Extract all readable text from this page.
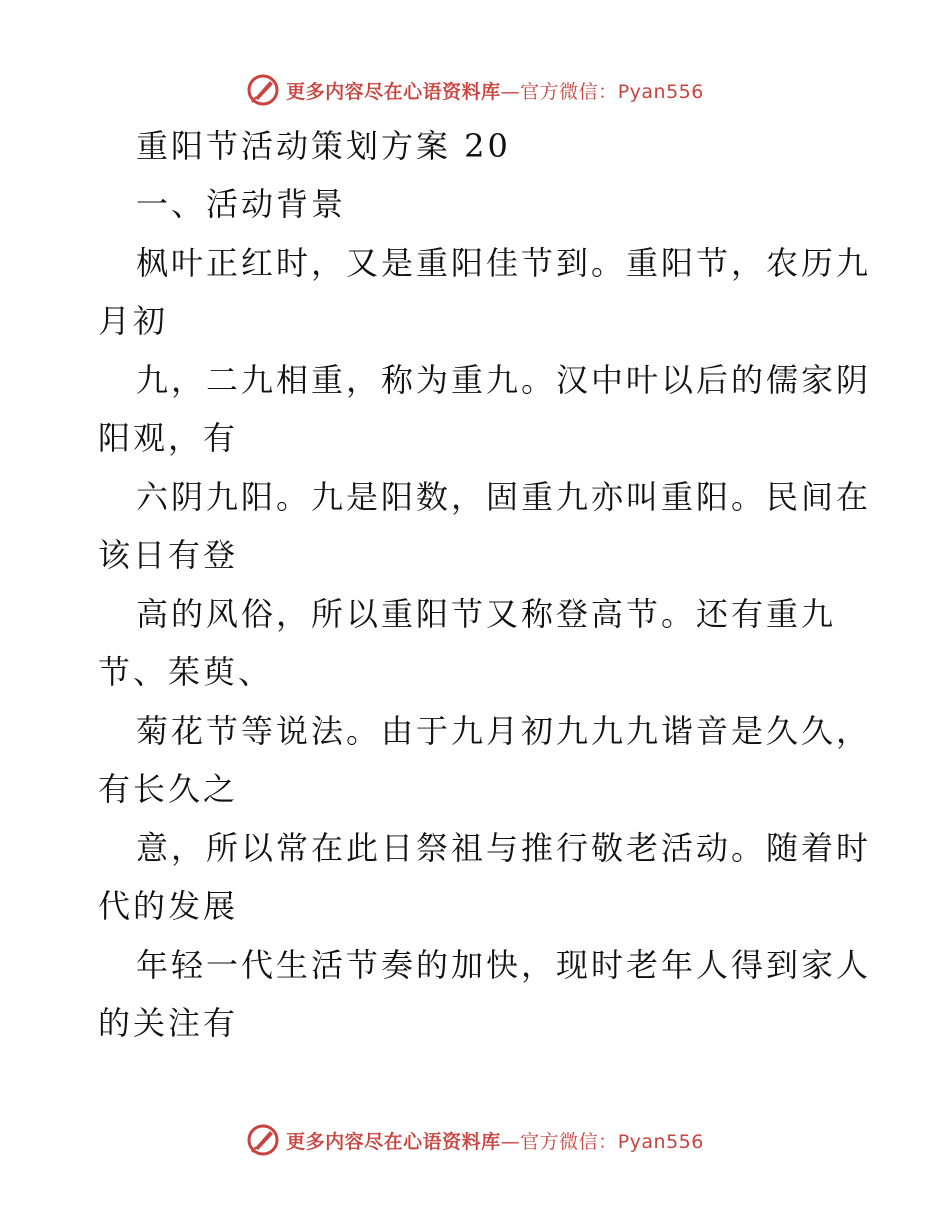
更多内容尽在心语资料库—官方微信：Pyan556
重阳节活动策划方案 20
一、活动背景
枫叶正红时，又是重阳佳节到。重阳节，农历九
月初
九，二九相重，称为重九。汉中叶以后的儒家阴
阳观，有
六阴九阳。九是阳数，固重九亦叫重阳。民间在
该日有登
高的风俗，所以重阳节又称登高节。还有重九
节、茱萸、
菊花节等说法。由于九月初九九九谐音是久久，
有长久之
意，所以常在此日祭祖与推行敬老活动。随着时
代的发展
年轻一代生活节奏的加快，现时老年人得到家人
的关注有
更多内容尽在心语资料库—官方微信：Pyan556
